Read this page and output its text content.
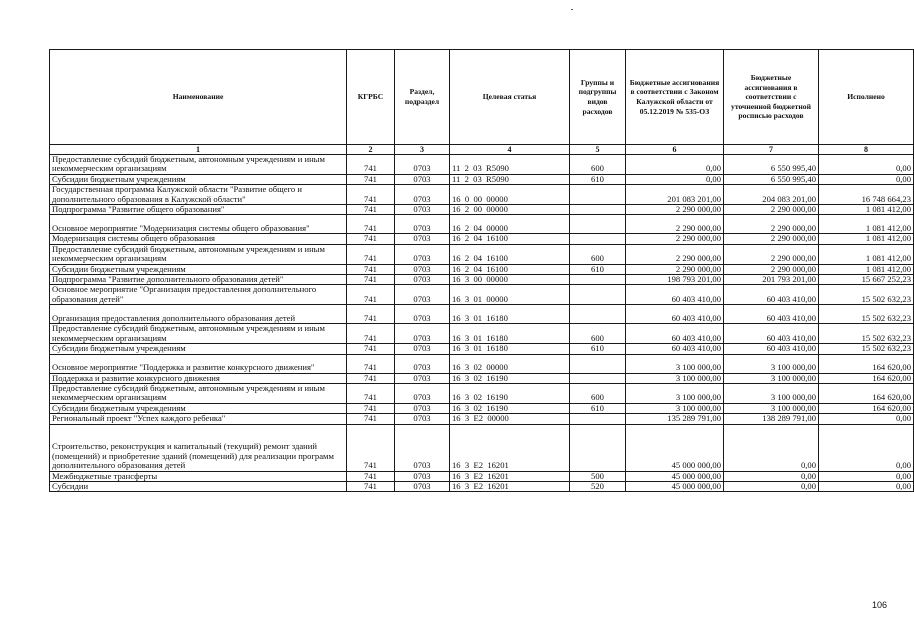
Наименование	КГРБС	Раздел, подраздел	Целевая статья	Группы и подгруппы видов расходов	Бюджетные ассигнования в соответствии с Законом Калужской области от 05.12.2019 № 535-ОЗ	Бюджетные ассигнования в соответствии с уточненной бюджетной росписью расходов	Исполнено
1	2	3	4	5	6	7	8
Предоставление субсидий бюджетным, автономным учреждениям и иным некоммерческим организациям	741	0703	11  2  03  R5090	600	0,00	6 550 995,40	0,00
Субсидии бюджетным учреждениям	741	0703	11  2  03  R5090	610	0,00	6 550 995,40	0,00
Государственная программа Калужской области "Развитие общего и дополнительного образования в Калужской области"	741	0703	16  0  00  00000		201 083 201,00	204 083 201,00	16 748 664,23
Подпрограмма "Развитие общего образования"	741	0703	16  2  00  00000		2 290 000,00	2 290 000,00	1 081 412,00
Основное мероприятие "Модернизация системы общего образования"	741	0703	16  2  04  00000		2 290 000,00	2 290 000,00	1 081 412,00
Модернизация системы общего образования	741	0703	16  2  04  16100		2 290 000,00	2 290 000,00	1 081 412,00
Предоставление субсидий бюджетным, автономным учреждениям и иным некоммерческим организациям	741	0703	16  2  04  16100	600	2 290 000,00	2 290 000,00	1 081 412,00
Субсидии бюджетным учреждениям	741	0703	16  2  04  16100	610	2 290 000,00	2 290 000,00	1 081 412,00
Подпрограмма "Развитие дополнительного образования детей"	741	0703	16  3  00  00000		198 793 201,00	201 793 201,00	15 667 252,23
Основное мероприятие "Организация предоставления дополнительного образования детей"	741	0703	16  3  01  00000		60 403 410,00	60 403 410,00	15 502 632,23
Организация предоставления дополнительного образования детей	741	0703	16  3  01  16180		60 403 410,00	60 403 410,00	15 502 632,23
Предоставление субсидий бюджетным, автономным учреждениям и иным некоммерческим организациям	741	0703	16  3  01  16180	600	60 403 410,00	60 403 410,00	15 502 632,23
Субсидии бюджетным учреждениям	741	0703	16  3  01  16180	610	60 403 410,00	60 403 410,00	15 502 632,23
Основное мероприятие "Поддержка и развитие конкурсного движения"	741	0703	16  3  02  00000		3 100 000,00	3 100 000,00	164 620,00
Поддержка и развитие конкурсного движения	741	0703	16  3  02  16190		3 100 000,00	3 100 000,00	164 620,00
Предоставление субсидий бюджетным, автономным учреждениям и иным некоммерческим организациям	741	0703	16  3  02  16190	600	3 100 000,00	3 100 000,00	164 620,00
Субсидии бюджетным учреждениям	741	0703	16  3  02  16190	610	3 100 000,00	3 100 000,00	164 620,00
Региональный проект "Успех каждого ребенка"	741	0703	16  3  E2  00000		135 289 791,00	138 289 791,00	0,00
Строительство, реконструкция и капитальный (текущий) ремонт зданий (помещений) и приобретение зданий (помещений) для реализации программ дополнительного образования детей	741	0703	16  3  E2  16201		45 000 000,00	0,00	0,00
Межбюджетные трансферты	741	0703	16  3  E2  16201	500	45 000 000,00	0,00	0,00
Субсидии	741	0703	16  3  E2  16201	520	45 000 000,00	0,00	0,00
106
